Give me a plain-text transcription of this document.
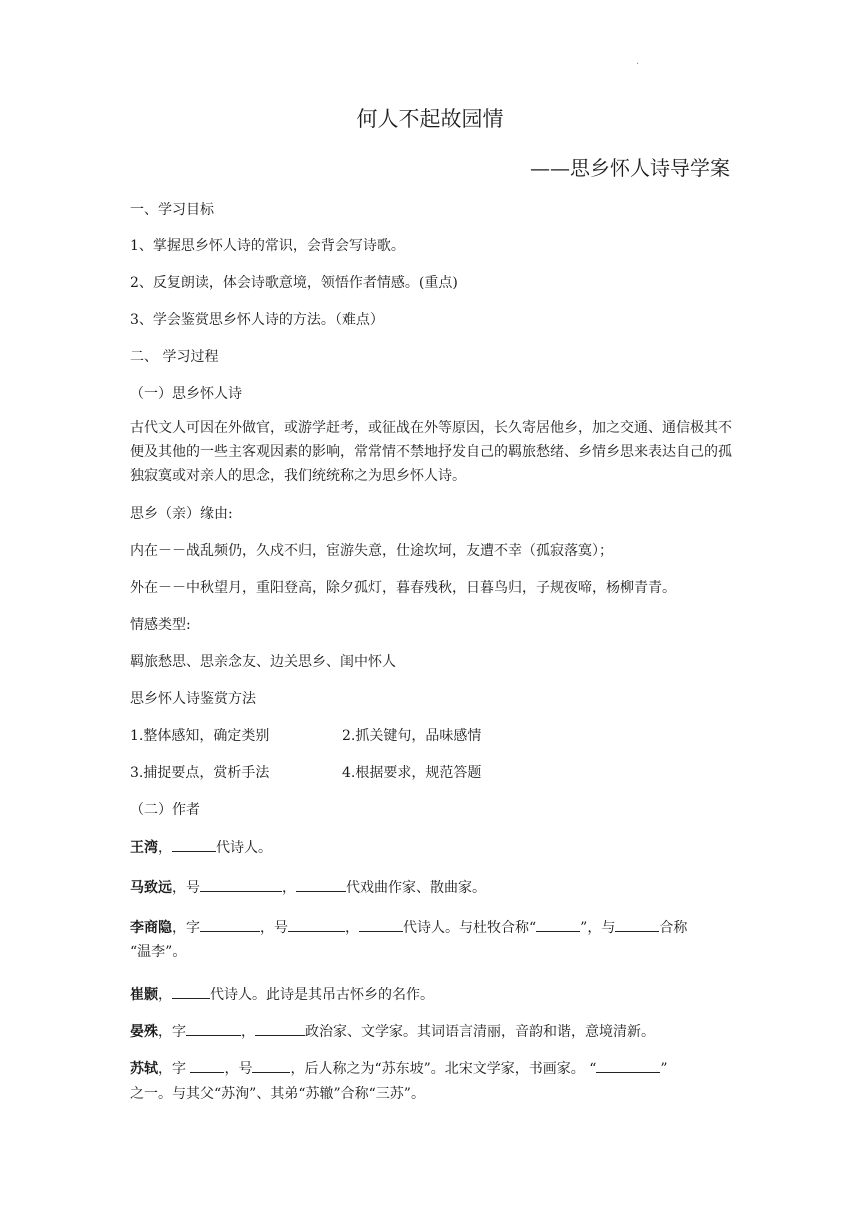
.
何人不起故园情
——思乡怀人诗导学案
一、学习目标
1、掌握思乡怀人诗的常识，会背会写诗歌。
2、反复朗读，体会诗歌意境，领悟作者情感。(重点)
3、学会鉴赏思乡怀人诗的方法。（难点）
二、 学习过程
（一）思乡怀人诗
古代文人可因在外做官，或游学赶考，或征战在外等原因，长久寄居他乡，加之交通、通信极其不便及其他的一些主客观因素的影响，常常情不禁地抒发自己的羁旅愁绪、乡情乡思来表达自己的孤独寂寞或对亲人的思念，我们统统称之为思乡怀人诗。
思乡（亲）缘由:
内在－－战乱频仍，久戍不归，宦游失意，仕途坎坷，友遭不幸（孤寂落寞）；
外在－－中秋望月，重阳登高，除夕孤灯，暮春残秋，日暮鸟归，子规夜啼，杨柳青青。
情感类型:
羁旅愁思、思亲念友、边关思乡、闺中怀人
思乡怀人诗鉴赏方法
1.整体感知，确定类别	2.抓关键句，品味感情
3.捕捉要点，赏析手法	4.根据要求，规范答题
（二）作者
王湾，	代诗人。
马致远，号	，	代戏曲作家、散曲家。
李商隐，字	，号	，	代诗人。与杜牧合称“	”，与	合称
“温李”。
崔颢，	代诗人。此诗是其吊古怀乡的名作。
晏殊，字	，	政治家、文学家。其词语言清丽，音韵和谐，意境清新。
苏轼，字 ，号	，后人称之为“苏东坡”。北宋文学家，书画家。 “	”
之一。与其父“苏洵”、其弟“苏辙”合称“三苏”。
